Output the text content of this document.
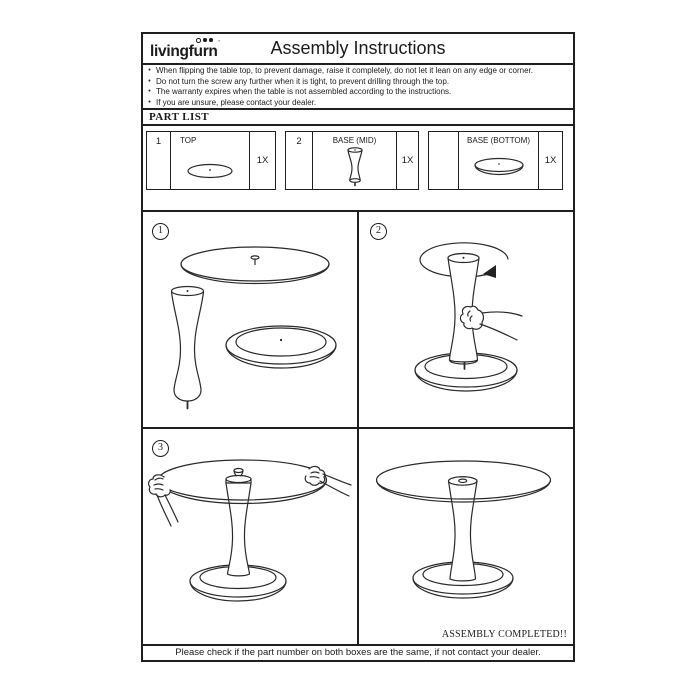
livingfurn’	Assembly Instructions
• When flipping the table top, to prevent damage, raise it completely, do not let it lean on any edge or corner.
• Do not turn the screw any further when it is tight, to prevent drilling through the top.
• The warranty expires when the table is not assembled according to the instructions.
• If you are unsure, please contact your dealer.
PART LIST
1	TOP
1X
2	BASE (MID)
1X
BASE (BOTTOM)
1X
1	2
3
ASSEMBLY COMPLETED!!
Please check if the part number on both boxes are the same, if not contact your dealer.
